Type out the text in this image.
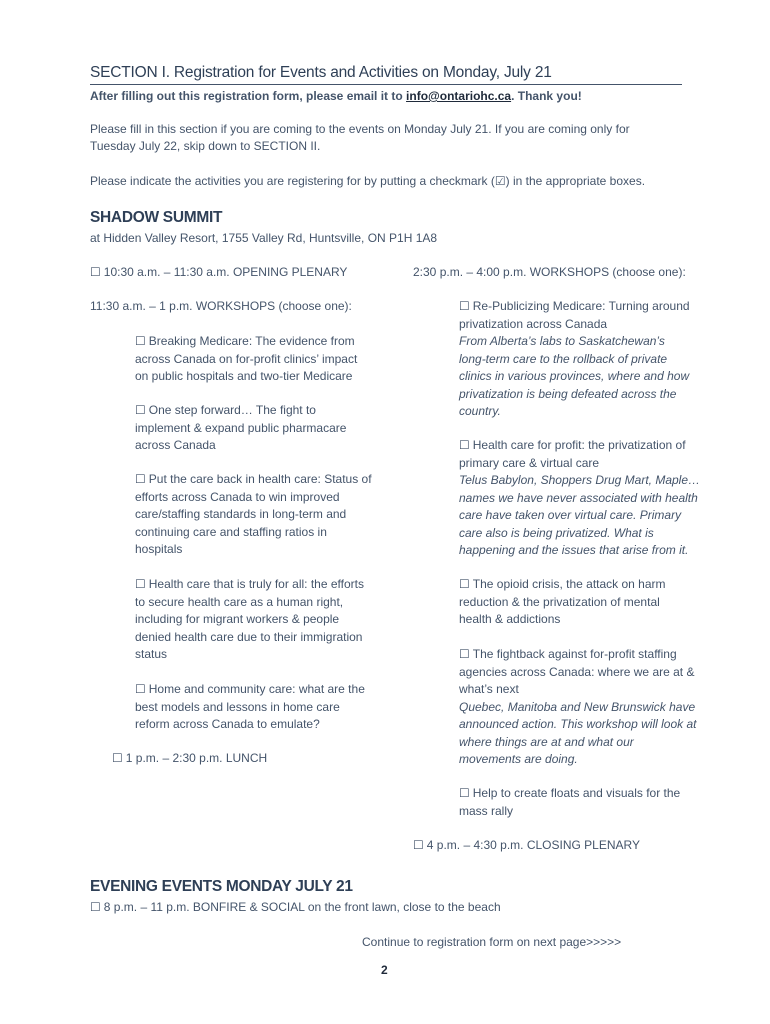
SECTION I. Registration for Events and Activities on Monday, July 21
After filling out this registration form, please email it to info@ontariohc.ca. Thank you!
Please fill in this section if you are coming to the events on Monday July 21. If you are coming only for
Tuesday July 22, skip down to SECTION II.
Please indicate the activities you are registering for by putting a checkmark (☑) in the appropriate boxes.
SHADOW SUMMIT
at Hidden Valley Resort, 1755 Valley Rd, Huntsville, ON P1H 1A8
☐ 10:30 a.m. – 11:30 a.m. OPENING PLENARY
11:30 a.m. – 1 p.m. WORKSHOPS (choose one):
☐ Breaking Medicare: The evidence from
across Canada on for-profit clinics’ impact
on public hospitals and two-tier Medicare
☐ One step forward… The fight to
implement & expand public pharmacare
across Canada
☐ Put the care back in health care: Status of
efforts across Canada to win improved
care/staffing standards in long-term and
continuing care and staffing ratios in
hospitals
☐ Health care that is truly for all: the efforts
to secure health care as a human right,
including for migrant workers & people
denied health care due to their immigration
status
☐ Home and community care: what are the
best models and lessons in home care
reform across Canada to emulate?
☐ 1 p.m. – 2:30 p.m. LUNCH
2:30 p.m. – 4:00 p.m. WORKSHOPS (choose one):
☐ Re-Publicizing Medicare: Turning around
privatization across Canada
From Alberta’s labs to Saskatchewan’s
long-term care to the rollback of private
clinics in various provinces, where and how
privatization is being defeated across the
country.
☐ Health care for profit: the privatization of
primary care & virtual care
Telus Babylon, Shoppers Drug Mart, Maple…
names we have never associated with health
care have taken over virtual care. Primary
care also is being privatized. What is
happening and the issues that arise from it.
☐ The opioid crisis, the attack on harm
reduction & the privatization of mental
health & addictions
☐ The fightback against for-profit staffing
agencies across Canada: where we are at &
what’s next
Quebec, Manitoba and New Brunswick have
announced action. This workshop will look at
where things are at and what our
movements are doing.
☐ Help to create floats and visuals for the
mass rally
☐ 4 p.m. – 4:30 p.m. CLOSING PLENARY
EVENING EVENTS MONDAY JULY 21
☐ 8 p.m. – 11 p.m. BONFIRE & SOCIAL on the front lawn, close to the beach
Continue to registration form on next page>>>>>
2
